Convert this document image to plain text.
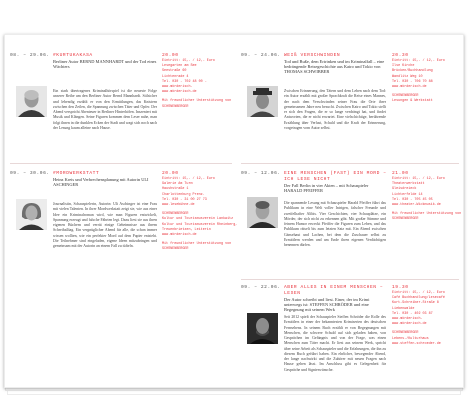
08. – 29.06. #KURTUKAKASA
Berliner Autor BERND MANNHARDT und der Tod eines Wächters
20.00
Eintritt: 15,- / 12,- Euro
Lesegarten am See
Seestraße 60
Lichtenrade 4
Tel. 030 - 702 48 00 -
www.mörderisch-
www.mörderisch.de
Mit freundlicher Unterstützung von
SCHÖNENBERGER
Ein stark übertragenes Kriminalhörspiel ist die neueste Folge unserer Reihe um den Berliner Autor Bernd Mannhardt. Stilsicher und lebendig erzählt er von den Ermittlungen, das Knistern zwischen den Zeilen, die Spannung zwischen Täter und Opfer. Der Abend verspricht Abenteuer in Berliner Hinterhöfen. Inszeniert mit Musik und Klängen. Seine Figuren kommen dem Leser nahe, man folgt ihnen in die dunklen Ecken der Stadt und wagt sich noch nach der Lesung kaum alleine nach Hause.
09. – 24.06. WEIß VERSCHWINDEN
Tod und Buße, dem Ertrinken und im Kriminalfall – eine bedrängende Reisegeschichte aus Kairo und Tokio von THOMAS SCHWIBBER
20.30
Eintritt: 15,- / 12,- Euro
Ilse Kirche
Brücken/Buchhandlung
Wandlitz Weg 10
Tel. 030 - 706 70 88
www.mörderisch.de
SCHÖNENBERGER
Lesungen & Werkstatt
Zwischen Erinnerung, den Tätern und dem Leben nach dem Tod: ein Autor erzählt mit großer Sprachkraft die Reise eines Mannes, der nach dem Verschwinden seiner Frau die Orte ihrer gemeinsamen Jahre neu besucht. Zwischen Kairo und Tokio stellt er sich den Fragen, die er so lange verdrängt hat, und findet Antworten, die er nicht erwartet. Eine vielschichtige, berührende Erzählung über Verlust, Schuld und die Kraft der Erinnerung, vorgetragen vom Autor selbst.
09. – 30.06. #MORDWERKSTATT
Heinz Kreis und Verbrechensplanung mit Autorin ULI ASCHINGER
20.00
Eintritt: 15,- / 12,- Euro
Galerie Am Turm
Haushstraße 1
Charlottenburg Prenz.
Tel. 030 - 31 00 27 73
www.lesebühne.de
SCHÖNENBERGER
Kultur und Tourismusverein Lankwitz
Kultur und Tourismusverein Rheinberg,
Treuenbrietzen, Leiterin
www.mörderisch.de
Mit freundlicher Unterstützung von
SCHÖNENBERGER
Journalistin, Schauspielerin, Autorin: Uli Aschinger ist eine Frau mit vielen Talenten. In ihrer Mordwerkstatt zeigt sie, wie aus einer Idee ein Kriminalroman wird, wie man Figuren entwickelt, Spannung erzeugt und falsche Fährten legt. Dazu liest sie aus ihren eigenen Büchern und verrät einige Geheimnisse aus ihrem Schreiballtag. Ein vergnüglicher Abend für alle, die schon immer wissen wollten, wie ein perfekter Mord auf dem Papier entsteht. Die Teilnehmer sind eingeladen, eigene Ideen mitzubringen und gemeinsam mit der Autorin an einem Fall zu tüfteln.
09. – 12.06. EINE MENSCHEN (FAST) EIN MORD – ICH LESE NICHT
Der Fall Berlin in vier Akten – mit Schauspieler HARALD PFEIFFER
21.00
Eintritt: 15,- / 12,- Euro
Theaterwerkstatt
Gleisdreieck
Lichterfelde 14
Tel. 030 - 705 45 05
www.theater-Wickmusik.de
Mit freundlicher Unterstützung von
SCHÖNENBERGER
Die spannende Lesung mit Schauspieler Harald Pfeiffer führt das Publikum in eine Welt voller Intrigen, falscher Freunde und zweifelhafter Alibis. Vier Geschichten, vier Schauplätze, ein Mörder, der sich nicht zu erkennen gibt. Mit großer Stimme und feinem Humor erweckt Pfeiffer die Figuren zum Leben, und das Publikum rätselt bis zum letzten Satz mit. Ein Abend zwischen Gänsehaut und Lachen, bei dem die Zuschauer selbst zu Ermittlern werden und am Ende ihren eigenen Verdächtigen benennen dürfen.
09. – 22.06. ABER ALLES IN EINEM MENSCHEN – LESEN
Der Autor schreibt und liest. Einer, der im Krimi unterwegs ist: STEFFEN SCHRÖDER und eine Begegnung mit seinem Werk
19.30
Eintritt: 15,- / 12,- Euro
Café Buchhandlung/Lesecafé
Kurt-Schreiber-Straße 8
Liebenwalde
Tel. 030 - 402 03 87
www.mörderisch-
www.mörderisch.de
SCHÖNENBERGER
Lebens-/Kulturhaus
www.steffen-schroeder.de
Seit 2012 spielt der Schauspieler Steffen Schröder die Rolle des Ermittlers in einer der bekanntesten Krimiserien des deutschen Fernsehens. In seinem Buch erzählt er von Begegnungen mit Menschen, die schwere Schuld auf sich geladen haben, von Gesprächen im Gefängnis und von der Frage, was einen Menschen zum Täter macht. Er liest aus seinem Werk, spricht über seine Arbeit als Schauspieler und die Erfahrungen, die ihn zu diesem Buch geführt haben. Ein ehrlicher, bewegender Abend, der lange nachwirkt und die Zuhörer mit neuen Fragen nach Hause gehen lässt. Im Anschluss gibt es Gelegenheit für Gespräche und Signierwünsche.
